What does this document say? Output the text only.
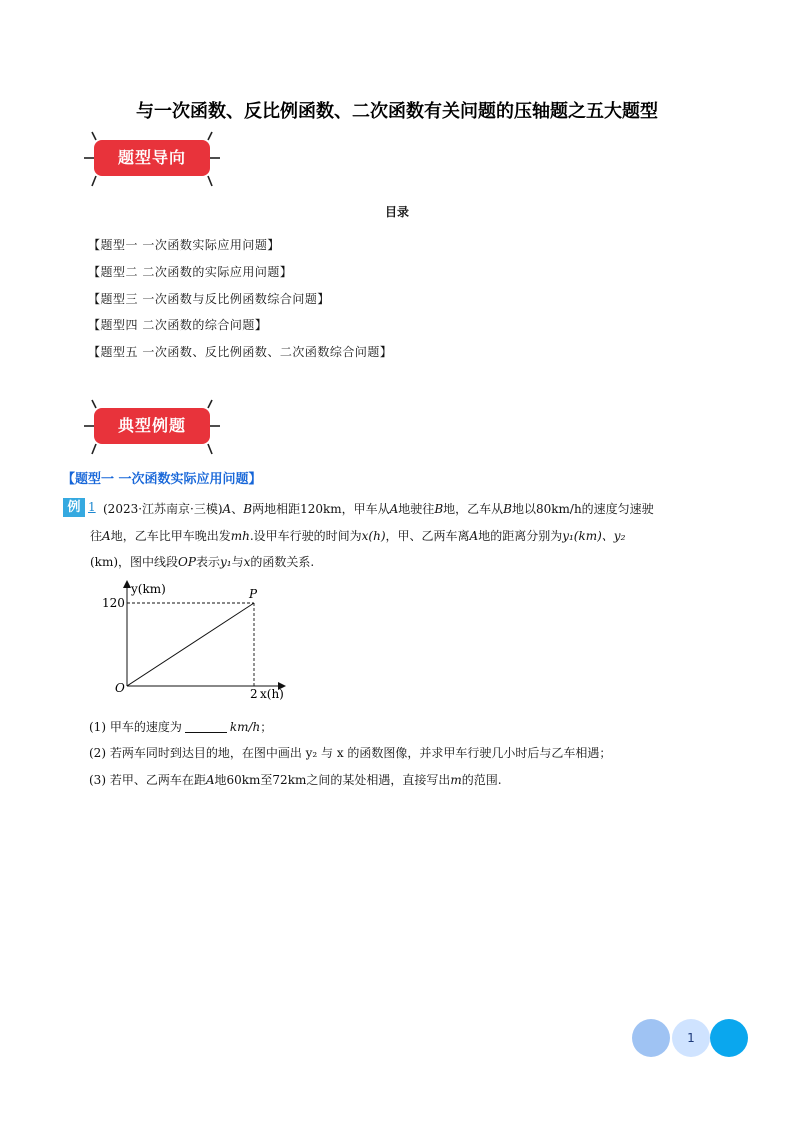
与一次函数、反比例函数、二次函数有关问题的压轴题之五大题型
题型导向
目录
【题型一 一次函数实际应用问题】
【题型二 二次函数的实际应用问题】
【题型三 一次函数与反比例函数综合问题】
【题型四 二次函数的综合问题】
【题型五 一次函数、反比例函数、二次函数综合问题】
典型例题
【题型一 一次函数实际应用问题】
例 1 (2023·江苏南京·三模)A、B两地相距120km，甲车从A地驶往B地，乙车从B地以80km/h的速度匀速驶
往A地，乙车比甲车晚出发mh.设甲车行驶的时间为x(h)，甲、乙两车离A地的距离分别为y₁(km)、y₂
(km)，图中线段OP表示y₁与x的函数关系.
y(km)
120
P
O	2 x(h)
(1) 甲车的速度为	km/h；
(2) 若两车同时到达目的地，在图中画出 y₂ 与 x 的函数图像，并求甲车行驶几小时后与乙车相遇；
(3) 若甲、乙两车在距A地60km至72km之间的某处相遇，直接写出m的范围.
1
